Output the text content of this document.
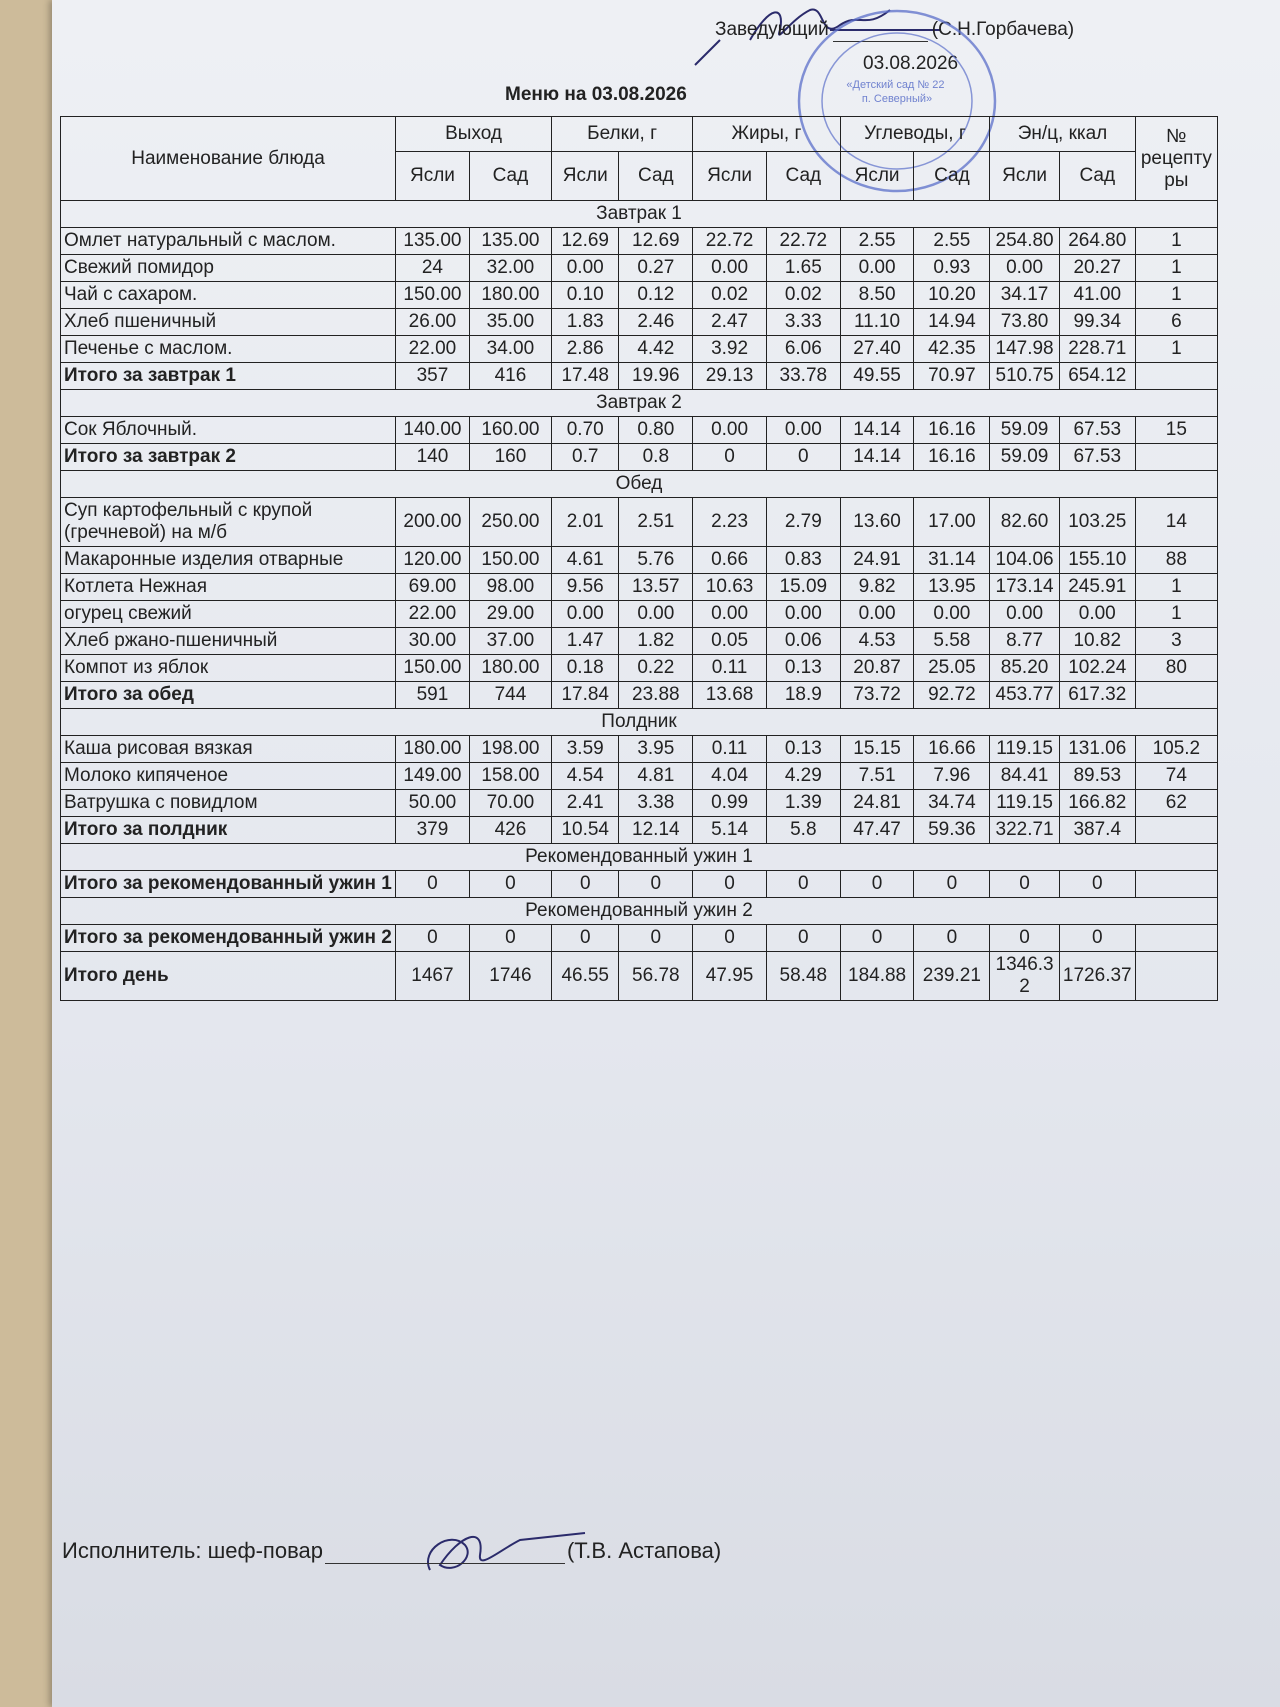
Заведующий	(С.Н.Горбачева)
03.08.2026
«Детский сад № 22 п. Северный»
Меню на 03.08.2026
Наименование блюда	Выход		Белки, г		Жиры, г		Углеводы, г		Эн/ц, ккал		№ рецептуры
	Ясли	Сад	Ясли	Сад	Ясли	Сад	Ясли	Сад	Ясли	Сад	
Завтрак 1											
Омлет натуральный с маслом.	135.00	135.00	12.69	12.69	22.72	22.72	2.55	2.55	254.80	264.80	1
Свежий помидор	24	32.00	0.00	0.27	0.00	1.65	0.00	0.93	0.00	20.27	1
Чай с сахаром.	150.00	180.00	0.10	0.12	0.02	0.02	8.50	10.20	34.17	41.00	1
Хлеб пшеничный	26.00	35.00	1.83	2.46	2.47	3.33	11.10	14.94	73.80	99.34	6
Печенье с маслом.	22.00	34.00	2.86	4.42	3.92	6.06	27.40	42.35	147.98	228.71	1
Итого за завтрак 1	357	416	17.48	19.96	29.13	33.78	49.55	70.97	510.75	654.12	
Завтрак 2											
Сок Яблочный.	140.00	160.00	0.70	0.80	0.00	0.00	14.14	16.16	59.09	67.53	15
Итого за завтрак 2	140	160	0.7	0.8	0	0	14.14	16.16	59.09	67.53	
Обед											
Суп картофельный с крупой (гречневой) на м/б	200.00	250.00	2.01	2.51	2.23	2.79	13.60	17.00	82.60	103.25	14
Макаронные изделия отварные	120.00	150.00	4.61	5.76	0.66	0.83	24.91	31.14	104.06	155.10	88
Котлета Нежная	69.00	98.00	9.56	13.57	10.63	15.09	9.82	13.95	173.14	245.91	1
огурец свежий	22.00	29.00	0.00	0.00	0.00	0.00	0.00	0.00	0.00	0.00	1
Хлеб ржано-пшеничный	30.00	37.00	1.47	1.82	0.05	0.06	4.53	5.58	8.77	10.82	3
Компот из яблок	150.00	180.00	0.18	0.22	0.11	0.13	20.87	25.05	85.20	102.24	80
Итого за обед	591	744	17.84	23.88	13.68	18.9	73.72	92.72	453.77	617.32	
Полдник											
Каша рисовая вязкая	180.00	198.00	3.59	3.95	0.11	0.13	15.15	16.66	119.15	131.06	105.2
Молоко кипяченое	149.00	158.00	4.54	4.81	4.04	4.29	7.51	7.96	84.41	89.53	74
Ватрушка с повидлом	50.00	70.00	2.41	3.38	0.99	1.39	24.81	34.74	119.15	166.82	62
Итого за полдник	379	426	10.54	12.14	5.14	5.8	47.47	59.36	322.71	387.4	
Рекомендованный ужин 1											
Итого за рекомендованный ужин 1	0	0	0	0	0	0	0	0	0	0	
Рекомендованный ужин 2											
Итого за рекомендованный ужин 2	0	0	0	0	0	0	0	0	0	0	
Итого день	1467	1746	46.55	56.78	47.95	58.48	184.88	239.21	1346.32	1726.37	
Исполнитель: шеф-повар	(Т.В. Астапова)
